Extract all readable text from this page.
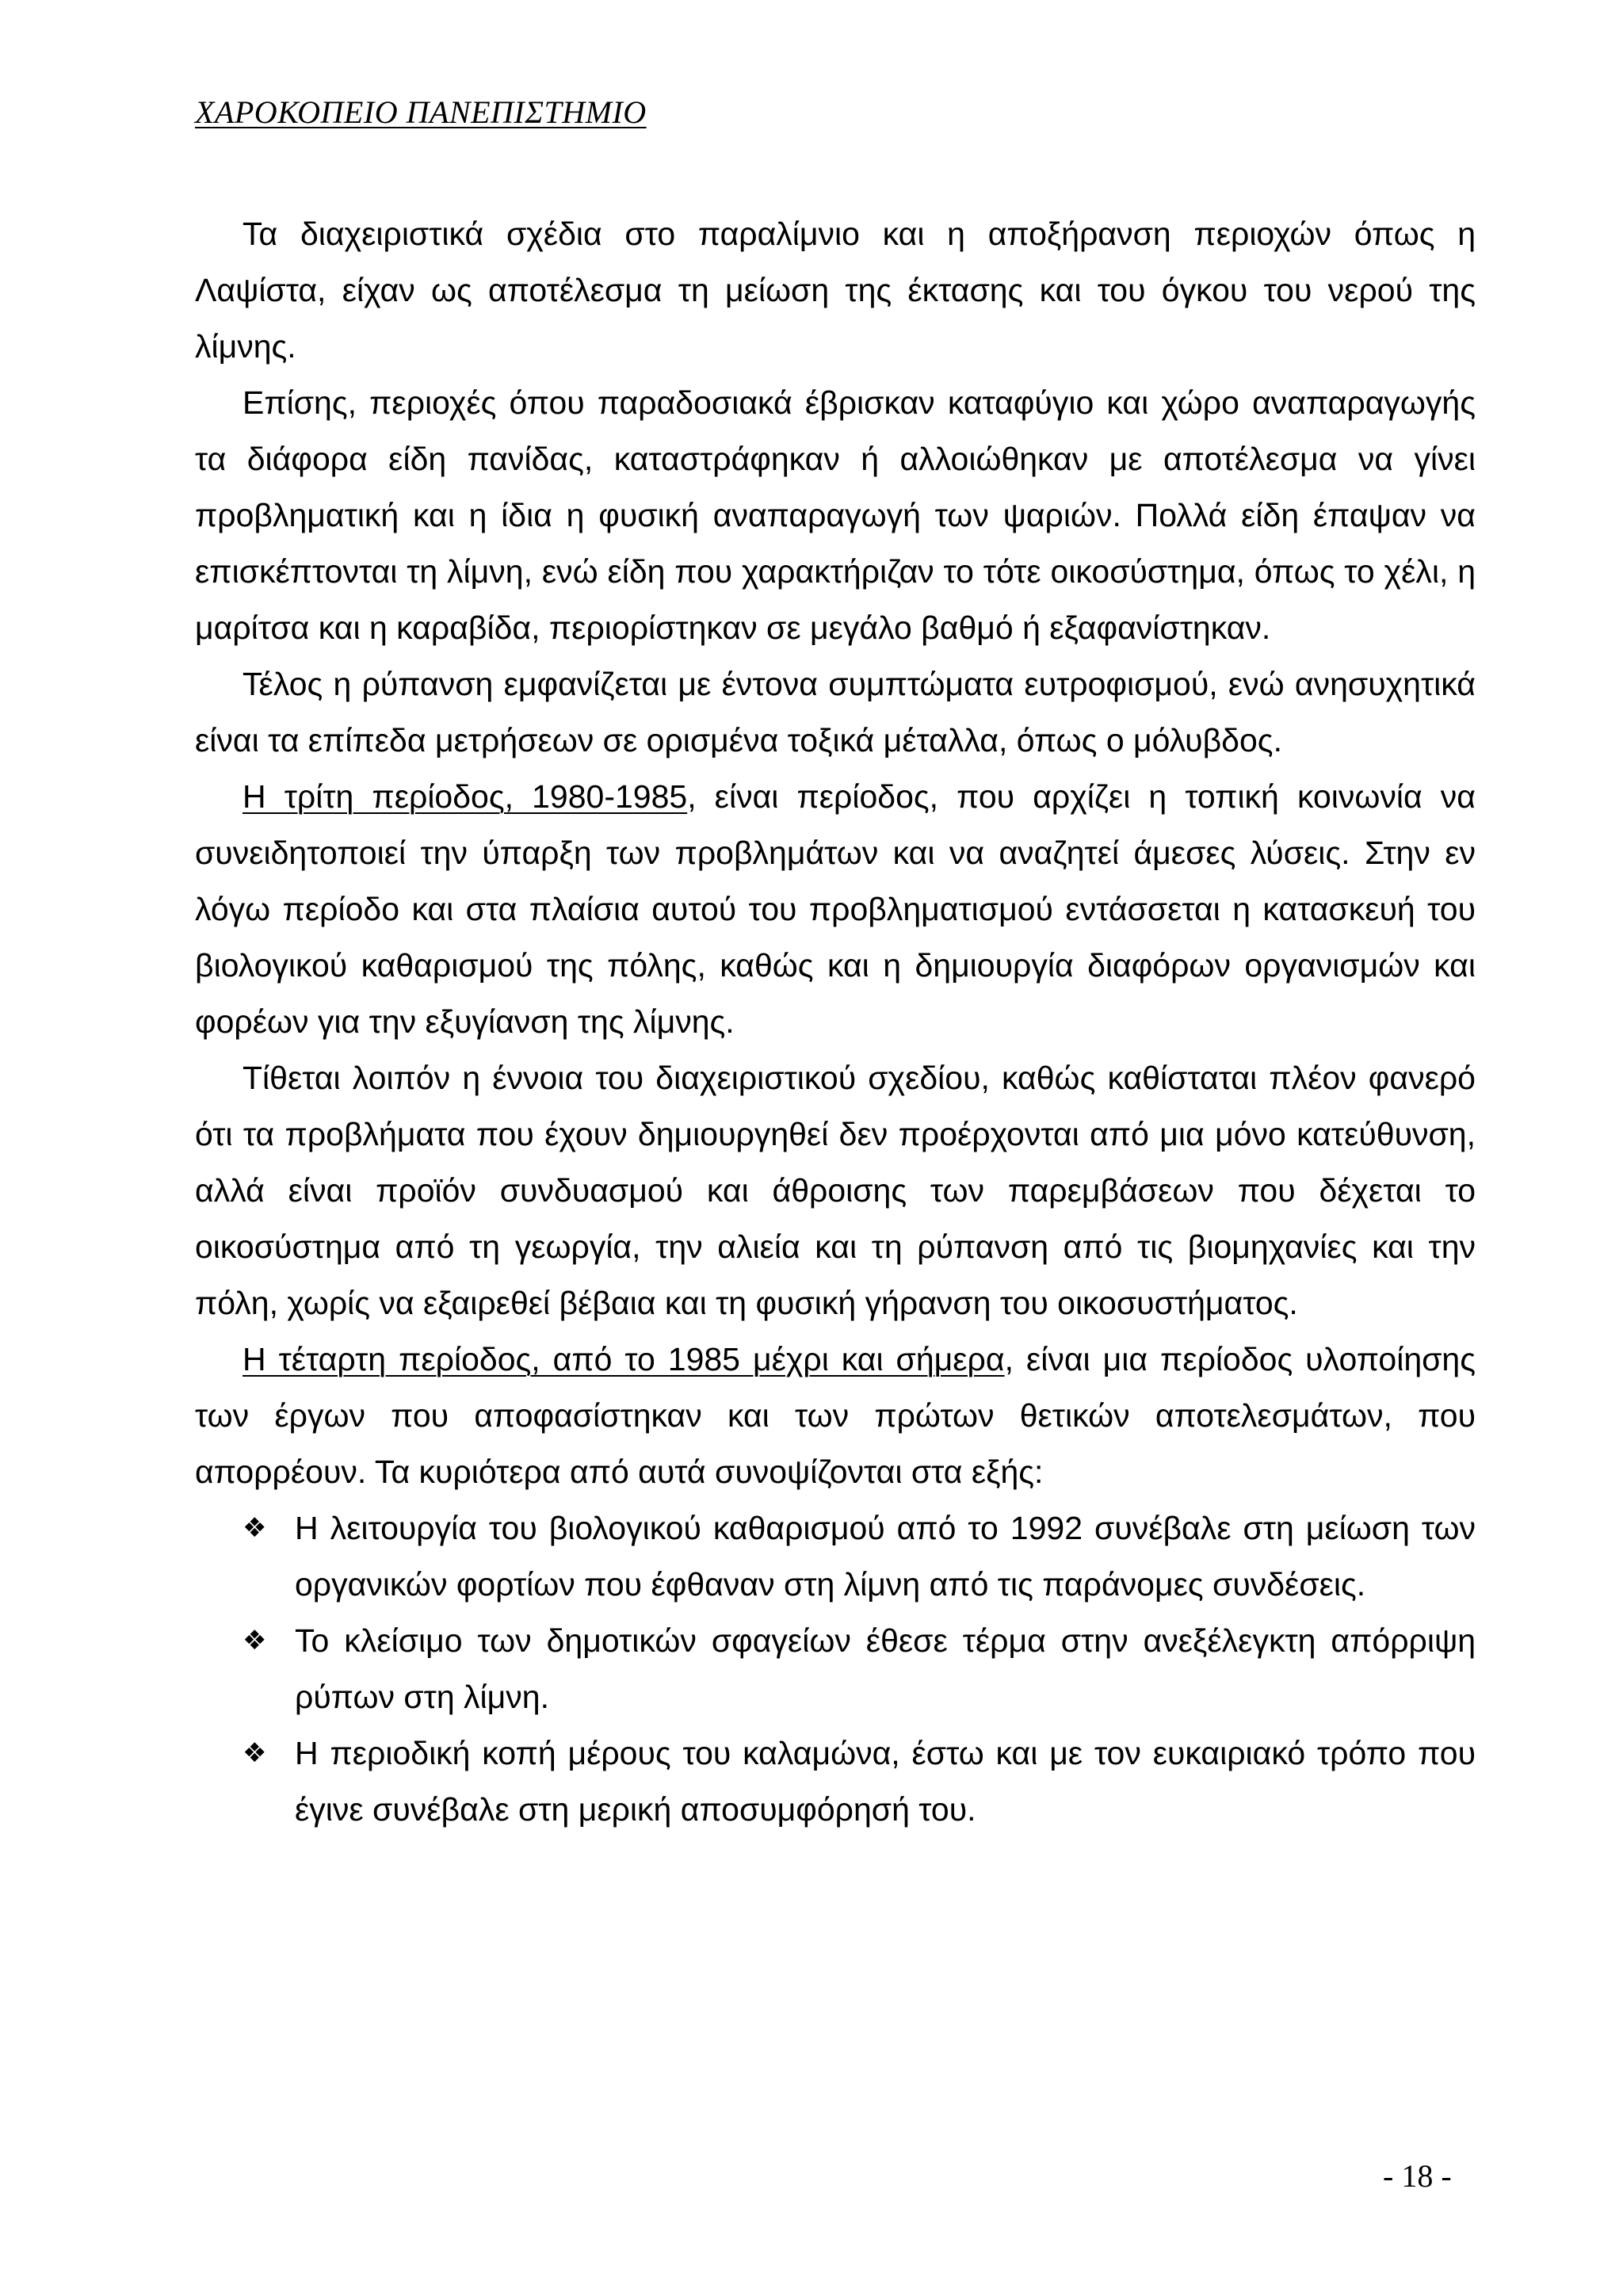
ΧΑΡΟΚΟΠΕΙΟ ΠΑΝΕΠΙΣΤΗΜΙΟ

Τα διαχειριστικά σχέδια στο παραλίμνιο και η αποξήρανση περιοχών όπως η Λαψίστα, είχαν ως αποτέλεσμα τη μείωση της έκτασης και του όγκου του νερού της λίμνης.

Επίσης, περιοχές όπου παραδοσιακά έβρισκαν καταφύγιο και χώρο αναπαραγωγής τα διάφορα είδη πανίδας, καταστράφηκαν ή αλλοιώθηκαν με αποτέλεσμα να γίνει προβληματική και η ίδια η φυσική αναπαραγωγή των ψαριών. Πολλά είδη έπαψαν να επισκέπτονται τη λίμνη, ενώ είδη που χαρακτήριζαν το τότε οικοσύστημα, όπως το χέλι, η μαρίτσα και η καραβίδα, περιορίστηκαν σε μεγάλο βαθμό ή εξαφανίστηκαν.

Τέλος η ρύπανση εμφανίζεται με έντονα συμπτώματα ευτροφισμού, ενώ ανησυχητικά είναι τα επίπεδα μετρήσεων σε ορισμένα τοξικά μέταλλα, όπως ο μόλυβδος.

Η τρίτη περίοδος, 1980-1985, είναι περίοδος, που αρχίζει η τοπική κοινωνία να συνειδητοποιεί την ύπαρξη των προβλημάτων και να αναζητεί άμεσες λύσεις. Στην εν λόγω περίοδο και στα πλαίσια αυτού του προβληματισμού εντάσσεται η κατασκευή του βιολογικού καθαρισμού της πόλης, καθώς και η δημιουργία διαφόρων οργανισμών και φορέων για την εξυγίανση της λίμνης.

Τίθεται λοιπόν η έννοια του διαχειριστικού σχεδίου, καθώς καθίσταται πλέον φανερό ότι τα προβλήματα που έχουν δημιουργηθεί δεν προέρχονται από μια μόνο κατεύθυνση, αλλά είναι προϊόν συνδυασμού και άθροισης των παρεμβάσεων που δέχεται το οικοσύστημα από τη γεωργία, την αλιεία και τη ρύπανση από τις βιομηχανίες και την πόλη, χωρίς να εξαιρεθεί βέβαια και τη φυσική γήρανση του οικοσυστήματος.

Η τέταρτη περίοδος, από το 1985 μέχρι και σήμερα, είναι μια περίοδος υλοποίησης των έργων που αποφασίστηκαν και των πρώτων θετικών αποτελεσμάτων, που απορρέουν. Τα κυριότερα από αυτά συνοψίζονται στα εξής:

❖ Η λειτουργία του βιολογικού καθαρισμού από το 1992 συνέβαλε στη μείωση των οργανικών φορτίων που έφθαναν στη λίμνη από τις παράνομες συνδέσεις.
❖ Το κλείσιμο των δημοτικών σφαγείων έθεσε τέρμα στην ανεξέλεγκτη απόρριψη ρύπων στη λίμνη.
❖ Η περιοδική κοπή μέρους του καλαμώνα, έστω και με τον ευκαιριακό τρόπο που έγινε συνέβαλε στη μερική αποσυμφόρησή του.
- 18 -
